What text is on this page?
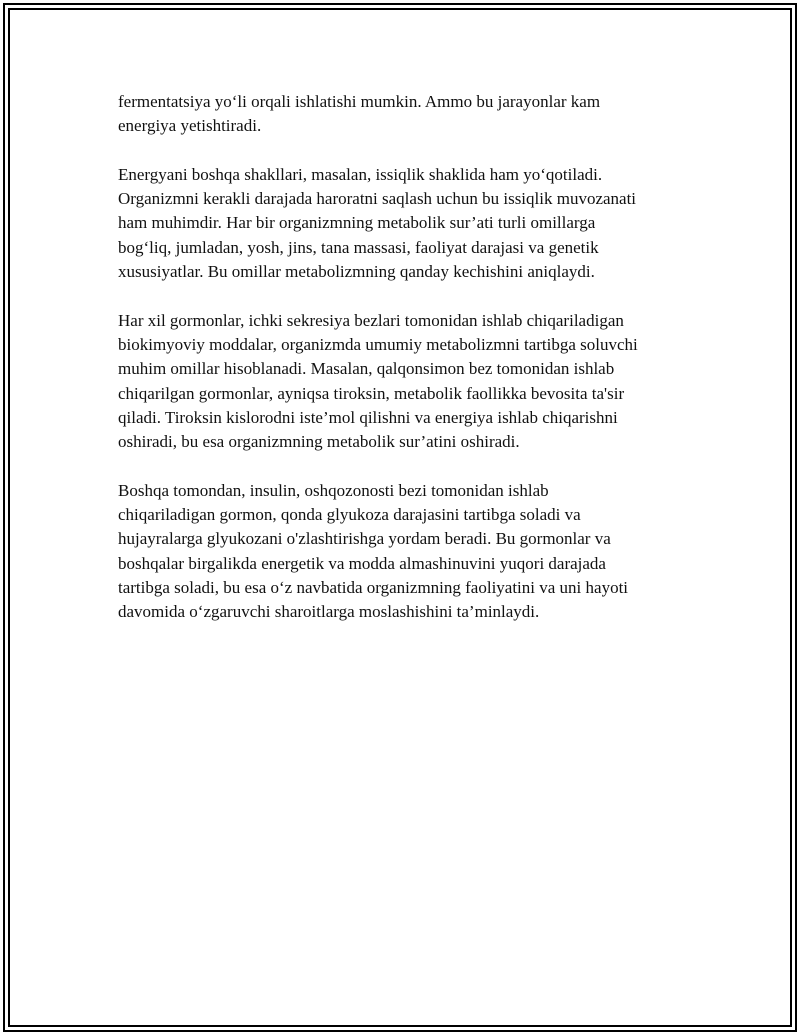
fermentatsiya yo‘li orqali ishlatishi mumkin. Ammo bu jarayonlar kam
energiya yetishtiradi.

Energyani boshqa shakllari, masalan, issiqlik shaklida ham yo‘qotiladi.
Organizmni kerakli darajada haroratni saqlash uchun bu issiqlik muvozanati
ham muhimdir. Har bir organizmning metabolik sur’ati turli omillarga
bog‘liq, jumladan, yosh, jins, tana massasi, faoliyat darajasi va genetik
xususiyatlar. Bu omillar metabolizmning qanday kechishini aniqlaydi.

Har xil gormonlar, ichki sekresiya bezlari tomonidan ishlab chiqariladigan
biokimyoviy moddalar, organizmda umumiy metabolizmni tartibga soluvchi
muhim omillar hisoblanadi. Masalan, qalqonsimon bez tomonidan ishlab
chiqarilgan gormonlar, ayniqsa tiroksin, metabolik faollikka bevosita ta'sir
qiladi. Tiroksin kislorodni iste’mol qilishni va energiya ishlab chiqarishni
oshiradi, bu esa organizmning metabolik sur’atini oshiradi.

Boshqa tomondan, insulin, oshqozonosti bezi tomonidan ishlab
chiqariladigan gormon, qonda glyukoza darajasini tartibga soladi va
hujayralarga glyukozani o'zlashtirishga yordam beradi. Bu gormonlar va
boshqalar birgalikda energetik va modda almashinuvini yuqori darajada
tartibga soladi, bu esa o‘z navbatida organizmning faoliyatini va uni hayoti
davomida o‘zgaruvchi sharoitlarga moslashishini ta’minlaydi.
